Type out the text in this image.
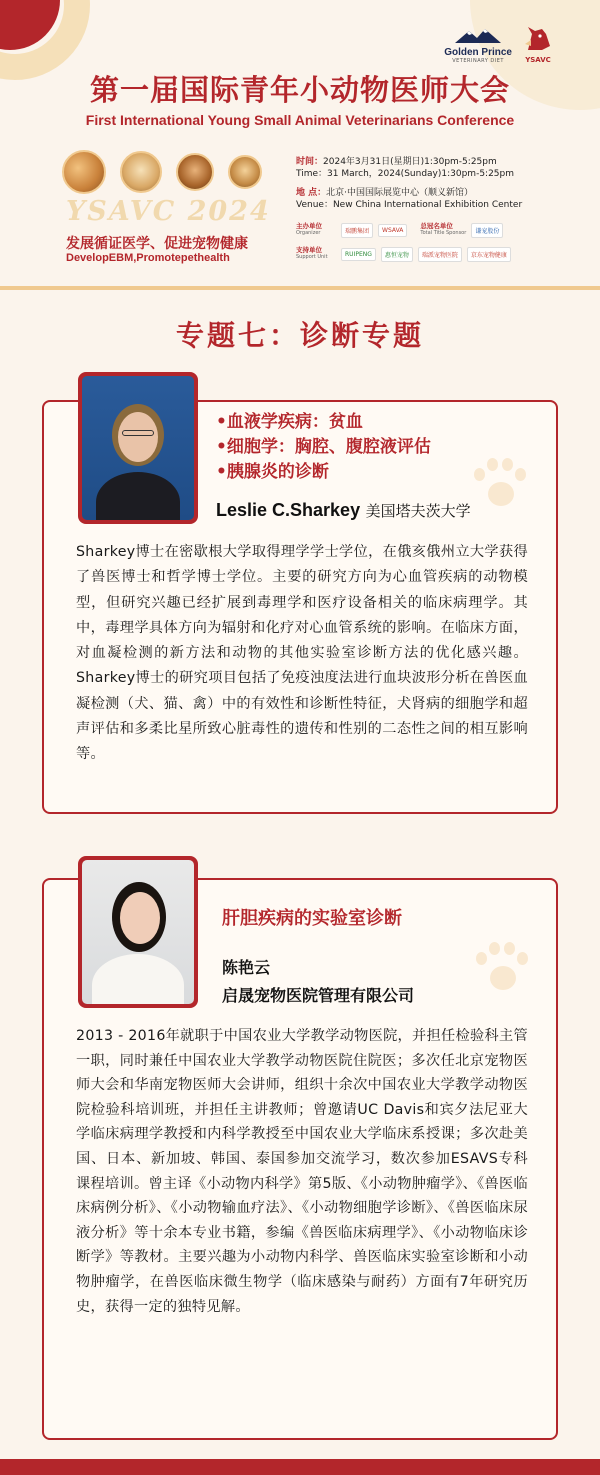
Golden Prince
VETERINARY DIET	YSAVC
第一届国际青年小动物医师大会
First International Young Small Animal Veterinarians Conference
YSAVC 2024
发展循证医学、促进宠物健康
DevelopEBM,Promotepethealth
时间：2024年3月31日(星期日)1:30pm-5:25pm
Time：31 March，2024(Sunday)1:30pm-5:25pm
地 点：北京·中国国际展览中心（顺义新馆）
Venue：New China International Exhibition Center
主办单位
Organizer	瑞鹏集团	WSAVA	总冠名单位
Total Title Sponsor	谦宠股份
支持单位
Support Unit	RUIPENG	惠恒宠物	瑞派宠物医院	京东宠物健康
专题七：诊断专题
•血液学疾病：贫血
•细胞学：胸腔、腹腔液评估
•胰腺炎的诊断
Leslie C.Sharkey 美国塔夫茨大学
Sharkey博士在密歇根大学取得理学学士学位，在俄亥俄州立大学获得了兽医博士和哲学博士学位。主要的研究方向为心血管疾病的动物模型，但研究兴趣已经扩展到毒理学和医疗设备相关的临床病理学。其中，毒理学具体方向为辐射和化疗对心血管系统的影响。在临床方面，对血凝检测的新方法和动物的其他实验室诊断方法的优化感兴趣。Sharkey博士的研究项目包括了免疫浊度法进行血块波形分析在兽医血凝检测（犬、猫、禽）中的有效性和诊断性特征，犬肾病的细胞学和超声评估和多柔比星所致心脏毒性的遗传和性别的二态性之间的相互影响等。
肝胆疾病的实验室诊断
陈艳云
启晟宠物医院管理有限公司
2013 - 2016年就职于中国农业大学教学动物医院，并担任检验科主管一职，同时兼任中国农业大学教学动物医院住院医；多次任北京宠物医师大会和华南宠物医师大会讲师，组织十余次中国农业大学教学动物医院检验科培训班，并担任主讲教师；曾邀请UC Davis和宾夕法尼亚大学临床病理学教授和内科学教授至中国农业大学临床系授课；多次赴美国、日本、新加坡、韩国、泰国参加交流学习，数次参加ESAVS专科课程培训。曾主译《小动物内科学》第5版、《小动物肿瘤学》、《兽医临床病例分析》、《小动物输血疗法》、《小动物细胞学诊断》、《兽医临床尿液分析》等十余本专业书籍，参编《兽医临床病理学》、《小动物临床诊断学》等教材。主要兴趣为小动物内科学、兽医临床实验室诊断和小动物肿瘤学，在兽医临床微生物学（临床感染与耐药）方面有7年研究历史，获得一定的独特见解。
